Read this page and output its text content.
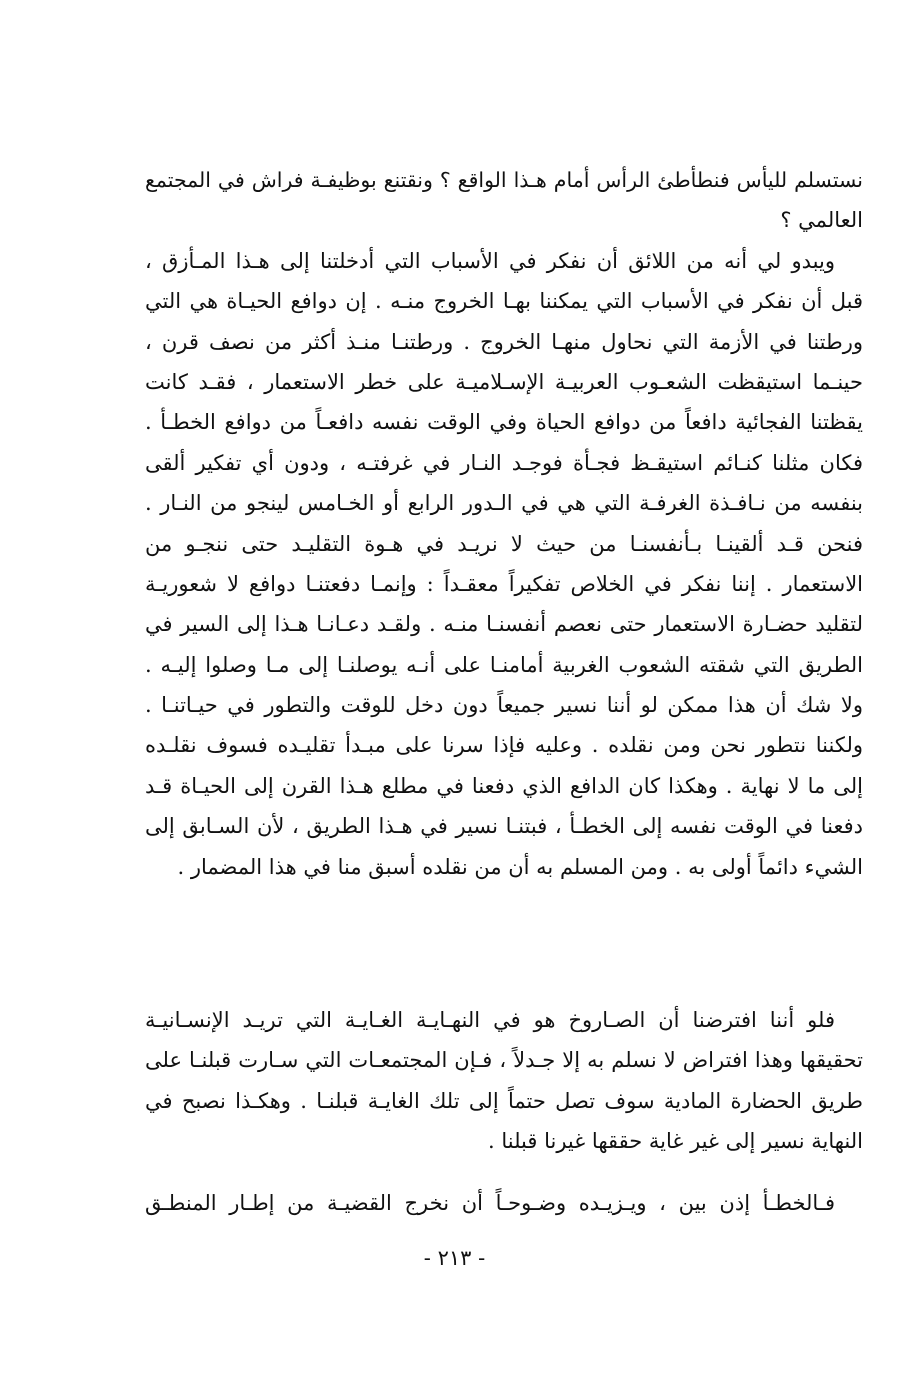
نستسلم لليأس فنطأطئ الرأس أمام هـذا الواقع ؟ ونقتنع بوظيفـة فراش في المجتمع
العالمي ؟
ويبدو لي أنه من اللائق أن نفكر في الأسباب التي أدخلتنا إلى هـذا المـأزق ،
قبل أن نفكر في الأسباب التي يمكننا بهـا الخروج منـه . إن دوافع الحيـاة هي التي
ورطتنا في الأزمة التي نحاول منهـا الخروج . ورطتنـا منـذ أكثر من نصف قرن ،
حينـما استيقظت الشعـوب العربيـة الإسـلاميـة على خطر الاستعمار ، فقـد كانت
يقظتنا الفجائية دافعاً من دوافع الحياة وفي الوقت نفسه دافعـاً من دوافع الخطـأ .
فكان مثلنا كنـائم استيقـظ فجـأة فوجـد النـار في غرفتـه ، ودون أي تفكير ألقى
بنفسه من نـافـذة الغرفـة التي هي في الـدور الرابع أو الخـامس لينجو من النـار .
فنحن قـد ألقينـا بـأنفسنـا من حيث لا نريـد في هـوة التقليـد حتى ننجـو من
الاستعمار . إننا نفكر في الخلاص تفكيراً معقـداً : وإنمـا دفعتنـا دوافع لا شعوريـة
لتقليد حضـارة الاستعمار حتى نعصم أنفسنـا منـه . ولقـد دعـانـا هـذا إلى السير في
الطريق التي شقته الشعوب الغربية أمامنـا على أنـه يوصلنـا إلى مـا وصلوا إليـه .
ولا شك أن هذا ممكن لو أننا نسير جميعاً دون دخل للوقت والتطور في حيـاتنـا .
ولكننا نتطور نحن ومن نقلده . وعليه فإذا سرنا على مبـدأ تقليـده فسوف نقلـده
إلى ما لا نهاية . وهكذا كان الدافع الذي دفعنا في مطلع هـذا القرن إلى الحيـاة قـد
دفعنا في الوقت نفسه إلى الخطـأ ، فبتنـا نسير في هـذا الطريق ، لأن السـابق إلى
الشيء دائماً أولى به . ومن المسلم به أن من نقلده أسبق منا في هذا المضمار .
فلو أننا افترضنا أن الصـاروخ هو في النهـايـة الغـايـة التي تريـد الإنسـانيـة
تحقيقها وهذا افتراض لا نسلم به إلا جـدلاً ، فـإن المجتمعـات التي سـارت قبلنـا على
طريق الحضارة المادية سوف تصل حتماً إلى تلك الغايـة قبلنـا . وهكـذا نصبح في
النهاية نسير إلى غير غاية حققها غيرنا قبلنا .
فـالخطـأ إذن بين ، ويـزيـده وضـوحـاً أن نخرج القضيـة من إطـار المنطـق
- ٢١٣ -
